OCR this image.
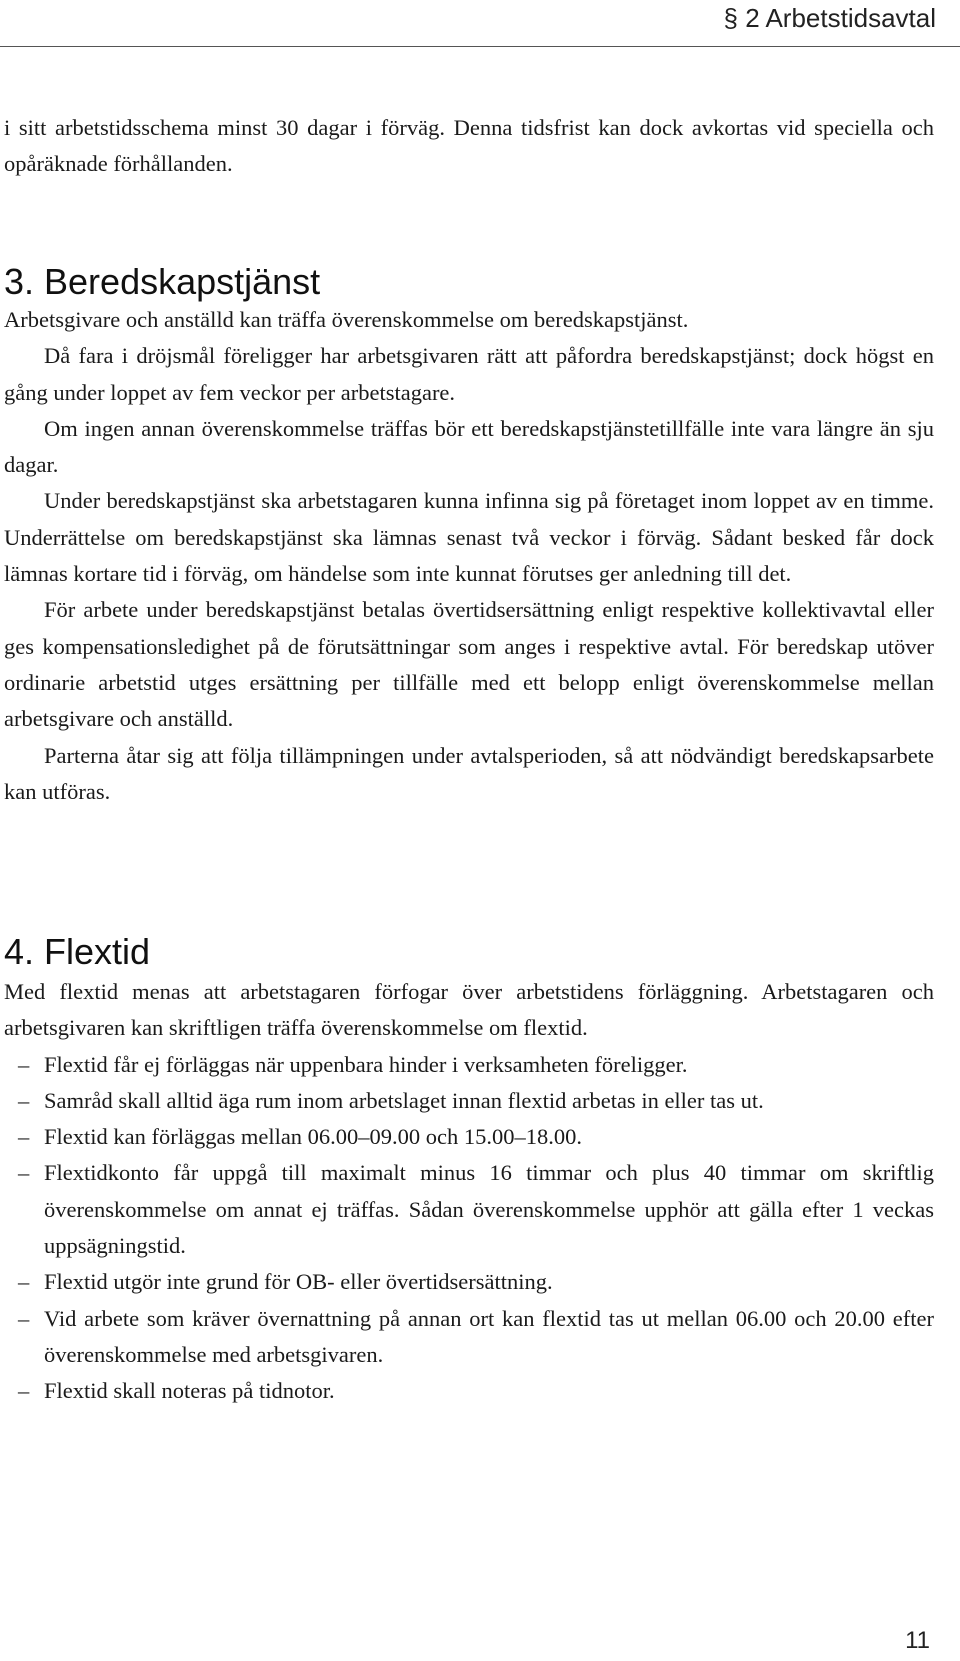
§ 2 Arbetstidsavtal

i sitt arbetstidsschema minst 30 dagar i förväg. Denna tidsfrist kan dock avkortas vid speciella och opåräknade förhållanden.

3. Beredskapstjänst

Arbetsgivare och anställd kan träffa överenskommelse om beredskapstjänst.

Då fara i dröjsmål föreligger har arbetsgivaren rätt att påfordra beredskapstjänst; dock högst en gång under loppet av fem veckor per arbetstagare.

Om ingen annan överenskommelse träffas bör ett beredskapstjänstetillfälle inte vara längre än sju dagar.

Under beredskapstjänst ska arbetstagaren kunna infinna sig på företaget inom loppet av en timme. Underrättelse om beredskapstjänst ska lämnas senast två veckor i förväg. Sådant besked får dock lämnas kortare tid i förväg, om händelse som inte kunnat förutses ger anledning till det.

För arbete under beredskapstjänst betalas övertidsersättning enligt respektive kollektivavtal eller ges kompensationsledighet på de förutsättningar som anges i respektive avtal. För beredskap utöver ordinarie arbetstid utges ersättning per tillfälle med ett belopp enligt överenskommelse mellan arbetsgivare och anställd.

Parterna åtar sig att följa tillämpningen under avtalsperioden, så att nödvändigt beredskapsarbete kan utföras.

4. Flextid

Med flextid menas att arbetstagaren förfogar över arbetstidens förläggning. Arbetstagaren och arbetsgivaren kan skriftligen träffa överenskommelse om flextid.

– Flextid får ej förläggas när uppenbara hinder i verksamheten föreligger.
– Samråd skall alltid äga rum inom arbetslaget innan flextid arbetas in eller tas ut.
– Flextid kan förläggas mellan 06.00–09.00 och 15.00–18.00.
– Flextidkonto får uppgå till maximalt minus 16 timmar och plus 40 timmar om skriftlig överenskommelse om annat ej träffas. Sådan överenskommelse upphör att gälla efter 1 veckas uppsägningstid.
– Flextid utgör inte grund för OB- eller övertidsersättning.
– Vid arbete som kräver övernattning på annan ort kan flextid tas ut mellan 06.00 och 20.00 efter överenskommelse med arbetsgivaren.
– Flextid skall noteras på tidnotor.
11
